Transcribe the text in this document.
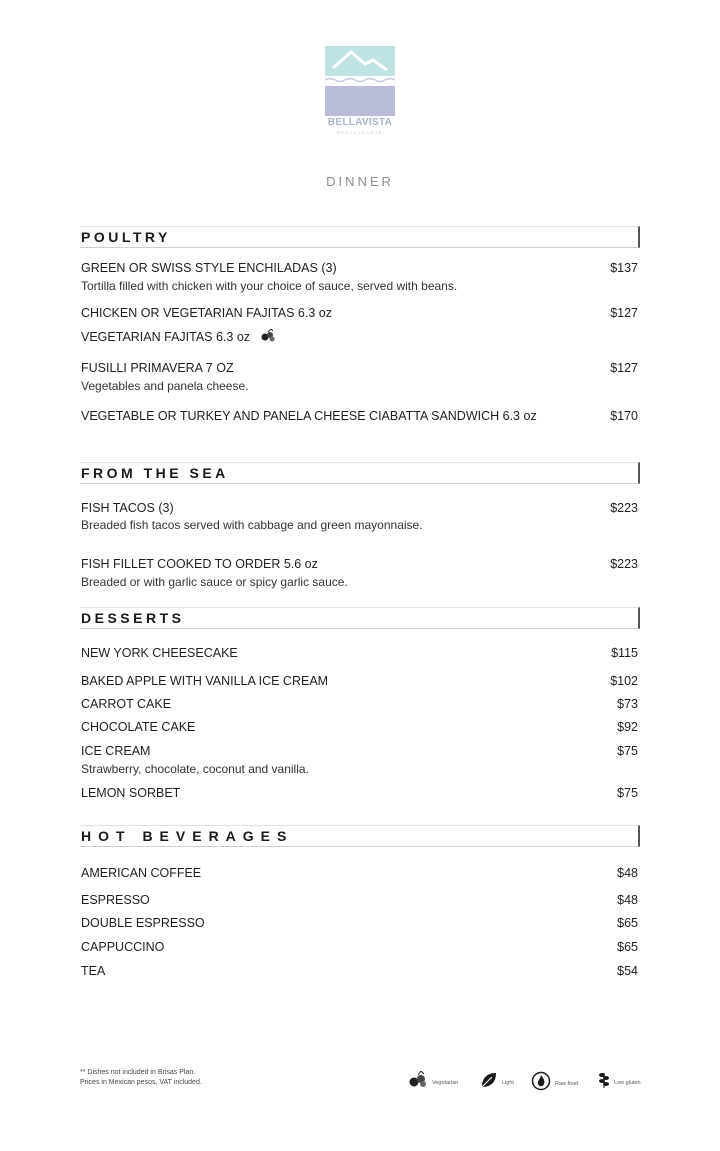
BELLAVISTA
RESTAURANTE
DINNER
POULTRY
GREEN OR SWISS STYLE ENCHILADAS (3)	$137
Tortilla filled with chicken with your choice of sauce, served with beans.
CHICKEN OR VEGETARIAN FAJITAS 6.3 oz	$127
VEGETARIAN FAJITAS 6.3 oz
FUSILLI PRIMAVERA 7 OZ	$127
Vegetables and panela cheese.
VEGETABLE OR TURKEY AND PANELA CHEESE CIABATTA SANDWICH 6.3 oz	$170
FROM THE SEA
FISH TACOS (3)	$223
Breaded fish tacos served with cabbage and green mayonnaise.
FISH FILLET COOKED TO ORDER 5.6 oz	$223
Breaded or with garlic sauce or spicy garlic sauce.
DESSERTS
NEW YORK CHEESECAKE	$115
BAKED APPLE WITH VANILLA ICE CREAM	$102
CARROT CAKE	$73
CHOCOLATE CAKE	$92
ICE CREAM	$75
Strawberry, chocolate, coconut and vanilla.
LEMON SORBET	$75
HOT BEVERAGES
AMERICAN COFFEE	$48
ESPRESSO	$48
DOUBLE ESPRESSO	$65
CAPPUCCINO	$65
TEA	$54
** Dishes not included in Brisas Plan.
Prices in Mexican pesos, VAT included.	Vegetarian	Light	Raw food	Low gluten
